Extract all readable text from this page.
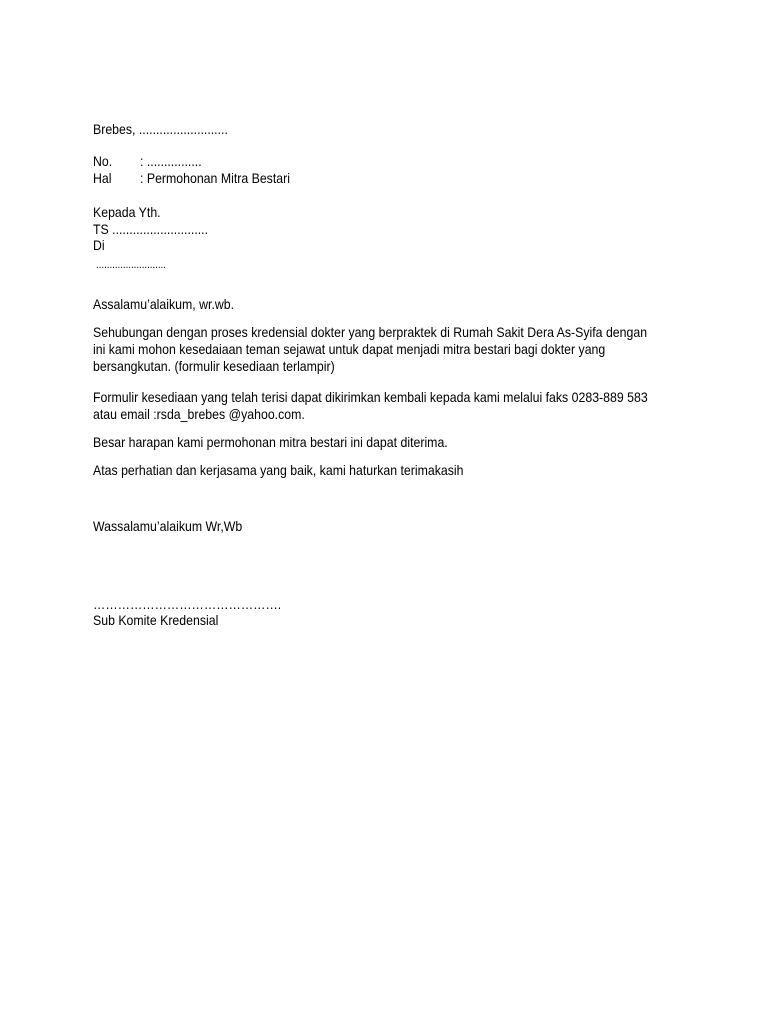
Brebes, ..........................
No. : ................
Hal : Permohonan Mitra Bestari
Kepada Yth.
TS ............................
Di
..........................
Assalamu’alaikum, wr.wb.
Sehubungan dengan proses kredensial dokter yang berpraktek di Rumah Sakit Dera As-Syifa dengan
ini kami mohon kesedaiaan teman sejawat untuk dapat menjadi mitra bestari bagi dokter yang
bersangkutan. (formulir kesediaan terlampir)
Formulir kesediaan yang telah terisi dapat dikirimkan kembali kepada kami melalui faks 0283-889 583
atau email :rsda_brebes @yahoo.com.
Besar harapan kami permohonan mitra bestari ini dapat diterima.
Atas perhatian dan kerjasama yang baik, kami haturkan terimakasih
Wassalamu’alaikum Wr,Wb
……………………………………….
Sub Komite Kredensial
